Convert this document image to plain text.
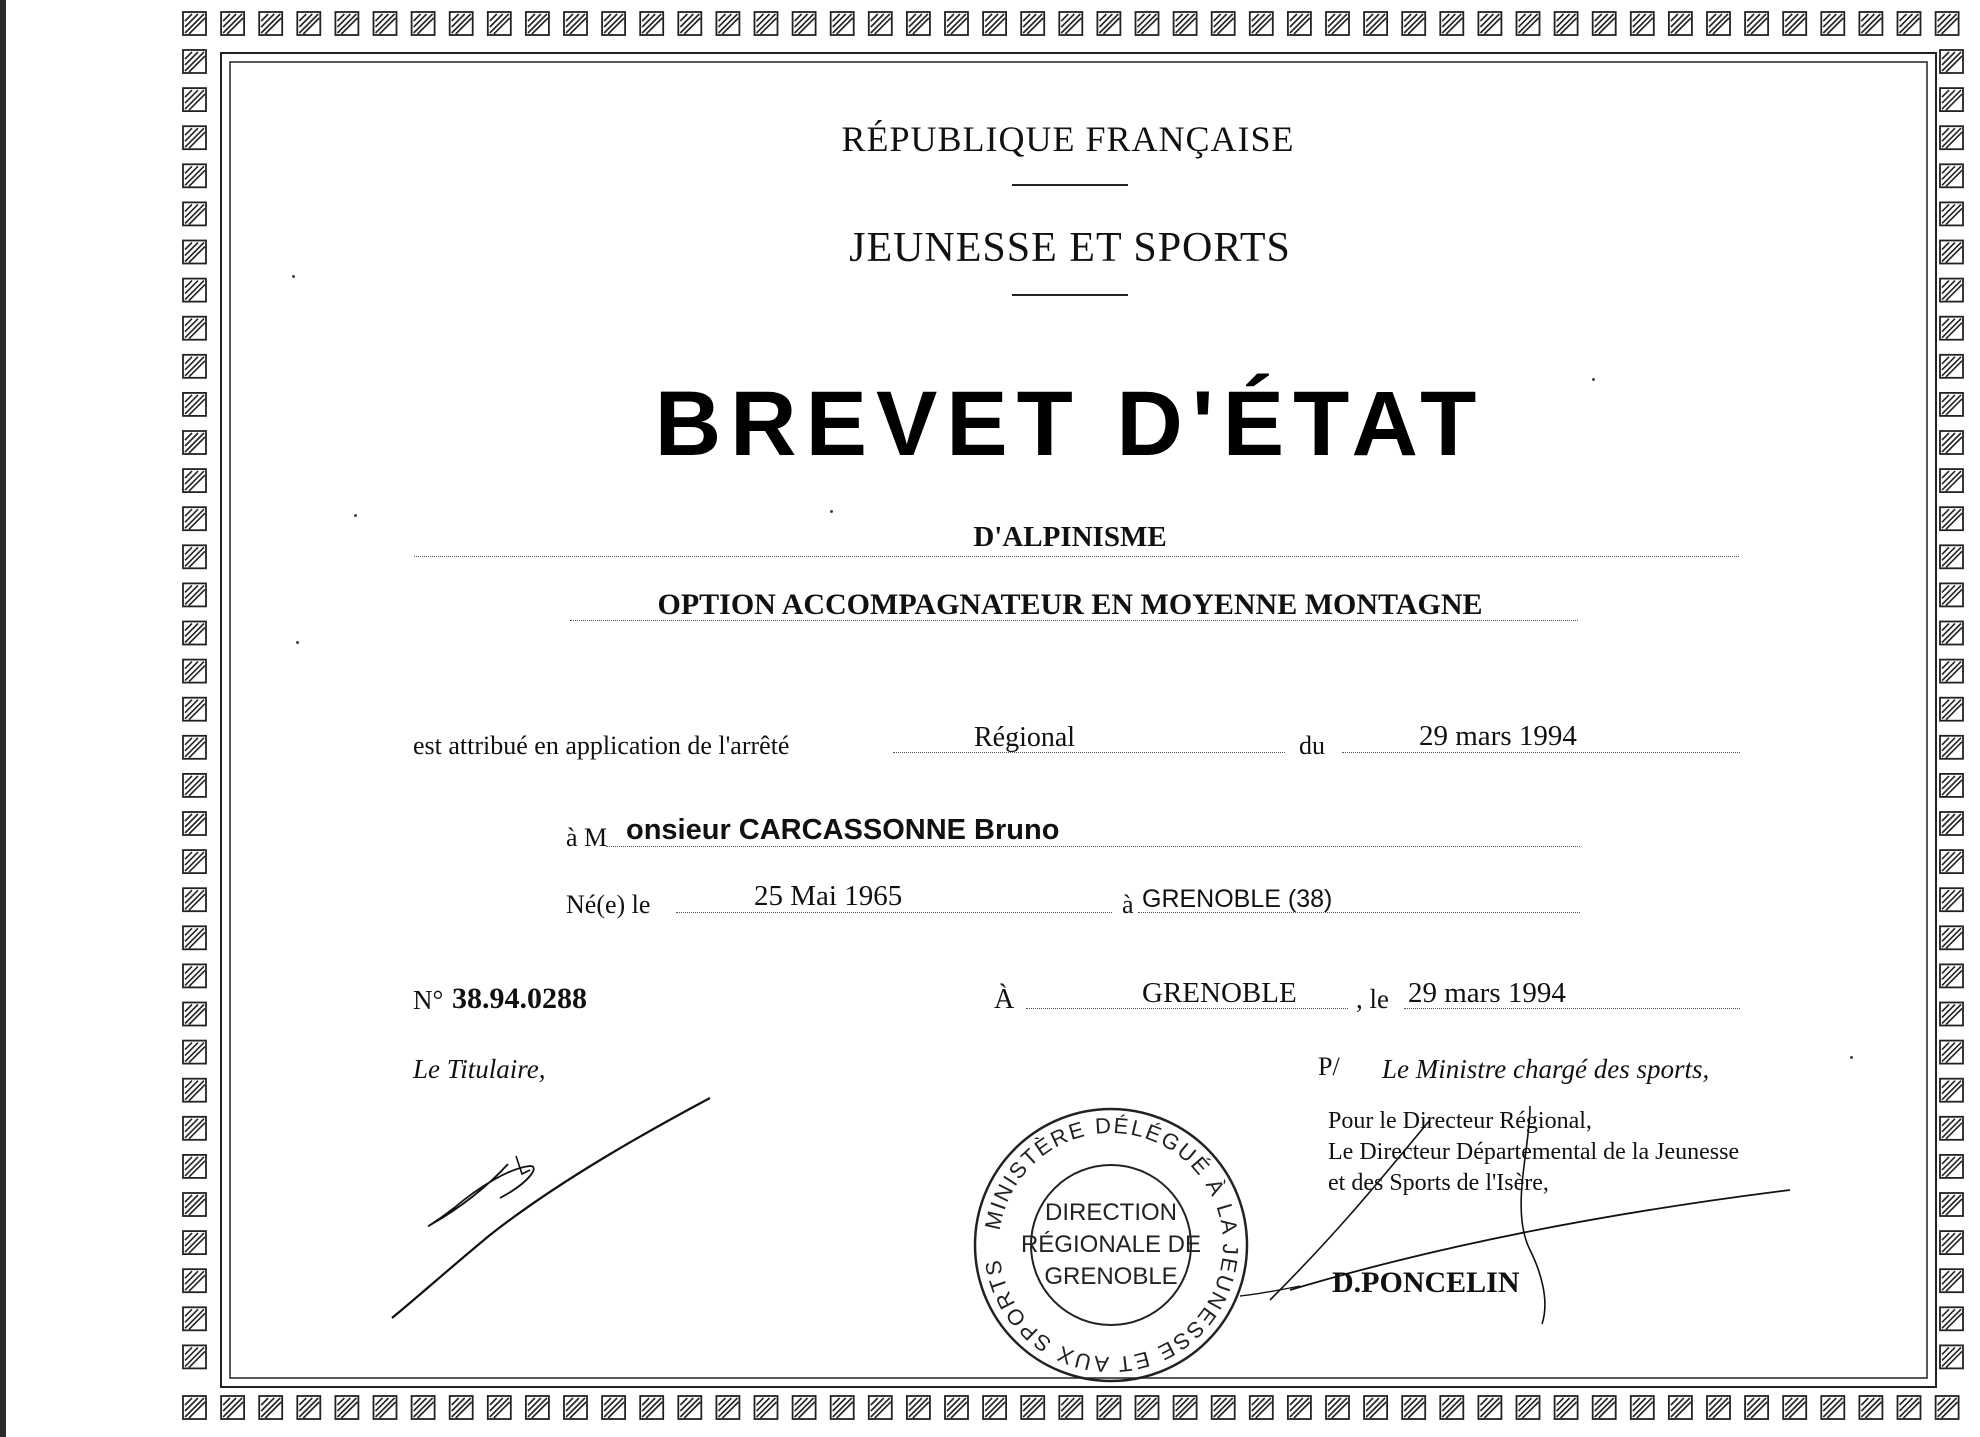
RÉPUBLIQUE FRANÇAISE
JEUNESSE ET SPORTS
BREVET D'ÉTAT
D'ALPINISME
OPTION ACCOMPAGNATEUR EN MOYENNE MONTAGNE
est attribué en application de l'arrêté	Régional	du	29 mars 1994
à M onsieur CARCASSONNE Bruno
Né(e) le	25 Mai 1965	à GRENOBLE (38)
N° 38.94.0288	À	GRENOBLE , le 29 mars 1994
Le Titulaire,	P/ Le Ministre chargé des sports,
Pour le Directeur Régional,
Le Directeur Départemental de la Jeunesse
et des Sports de l'Isère,
D.PONCELIN
MINISTÈRE DÉLÉGUÉ À LA JEUNESSE ET AUX SPORTS
DIRECTION
RÉGIONALE DE
GRENOBLE
